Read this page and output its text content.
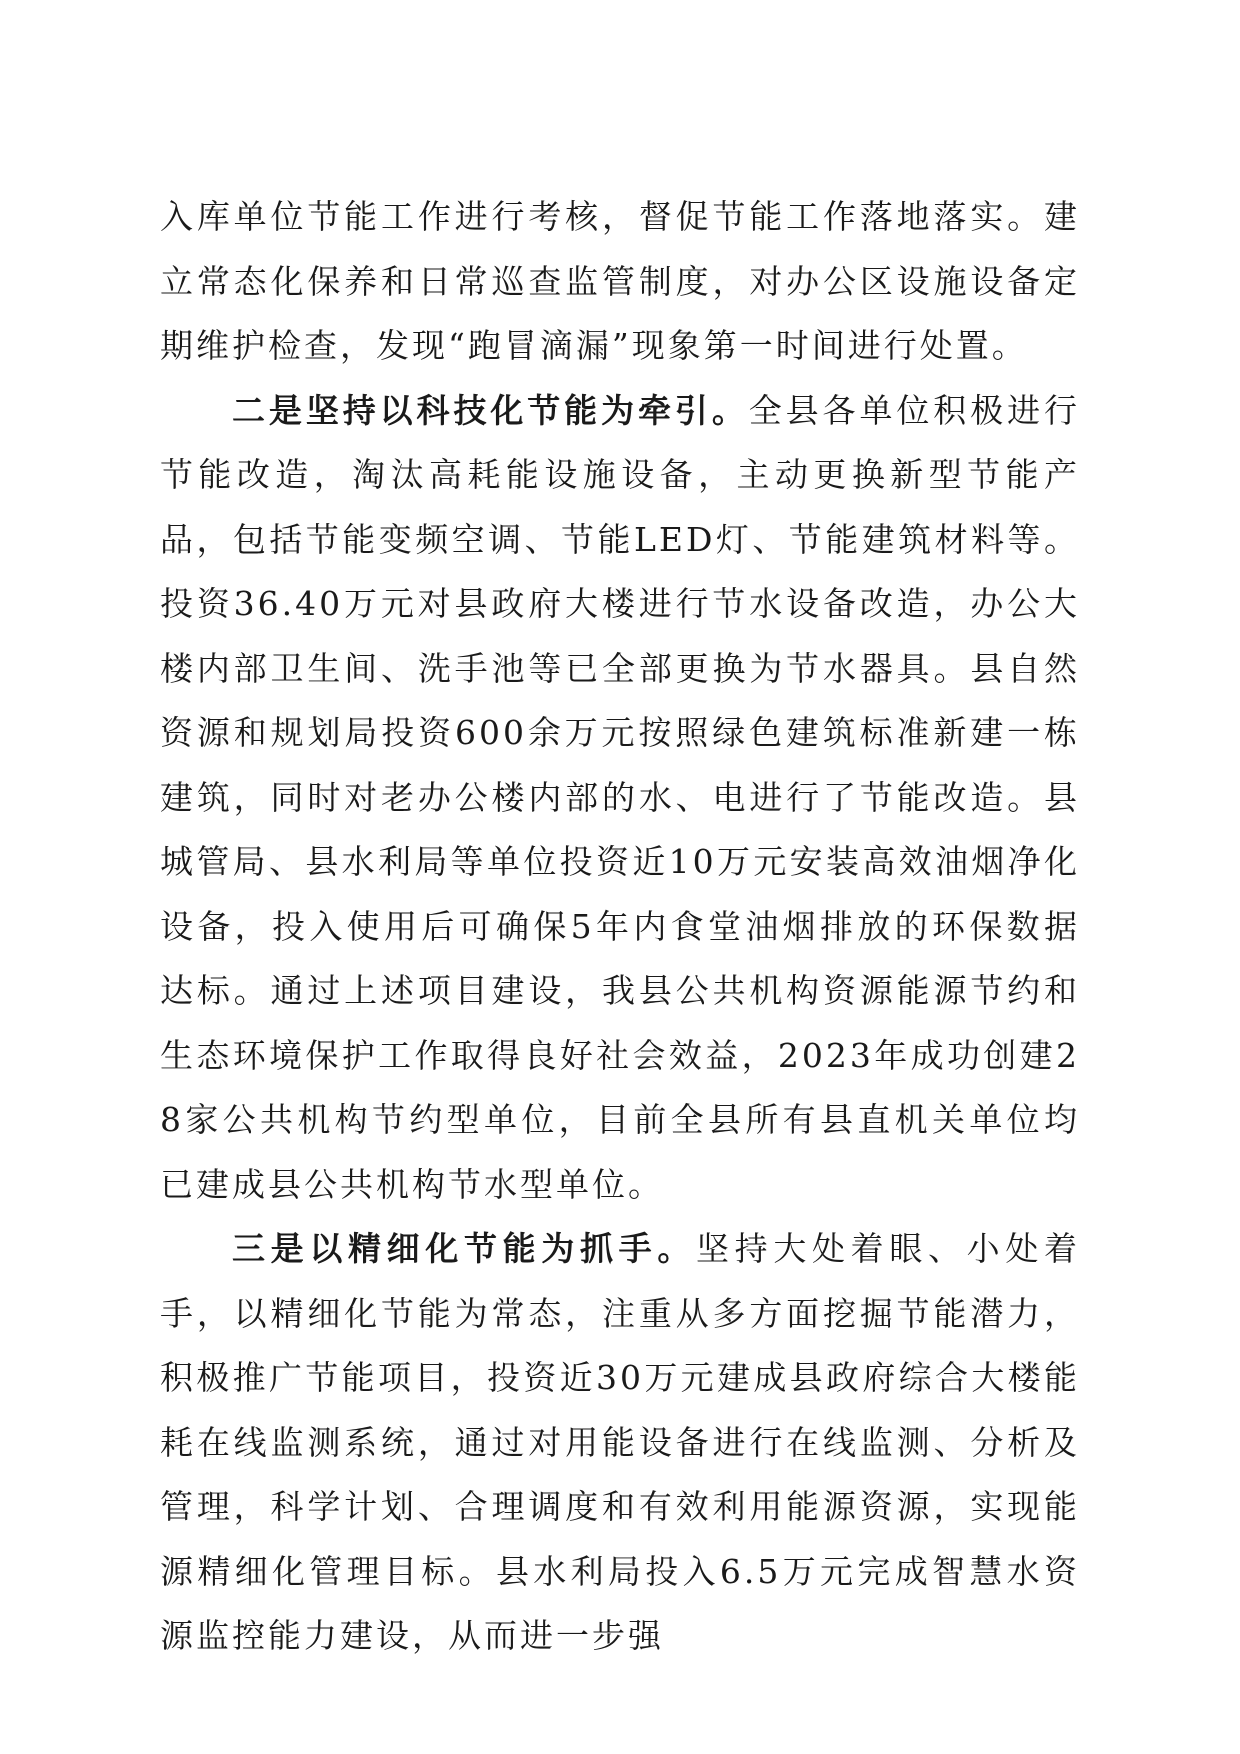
入库单位节能工作进行考核，督促节能工作落地落实。建立常态化保养和日常巡查监管制度，对办公区设施设备定期维护检查，发现“跑冒滴漏”现象第一时间进行处置。

二是坚持以科技化节能为牵引。全县各单位积极进行节能改造，淘汰高耗能设施设备，主动更换新型节能产品，包括节能变频空调、节能LED灯、节能建筑材料等。投资36.40万元对县政府大楼进行节水设备改造，办公大楼内部卫生间、洗手池等已全部更换为节水器具。县自然资源和规划局投资600余万元按照绿色建筑标准新建一栋建筑，同时对老办公楼内部的水、电进行了节能改造。县城管局、县水利局等单位投资近10万元安装高效油烟净化设备，投入使用后可确保5年内食堂油烟排放的环保数据达标。通过上述项目建设，我县公共机构资源能源节约和生态环境保护工作取得良好社会效益，2023年成功创建28家公共机构节约型单位，目前全县所有县直机关单位均已建成县公共机构节水型单位。

三是以精细化节能为抓手。坚持大处着眼、小处着手，以精细化节能为常态，注重从多方面挖掘节能潜力，积极推广节能项目，投资近30万元建成县政府综合大楼能耗在线监测系统，通过对用能设备进行在线监测、分析及管理，科学计划、合理调度和有效利用能源资源，实现能源精细化管理目标。县水利局投入6.5万元完成智慧水资源监控能力建设，从而进一步强
